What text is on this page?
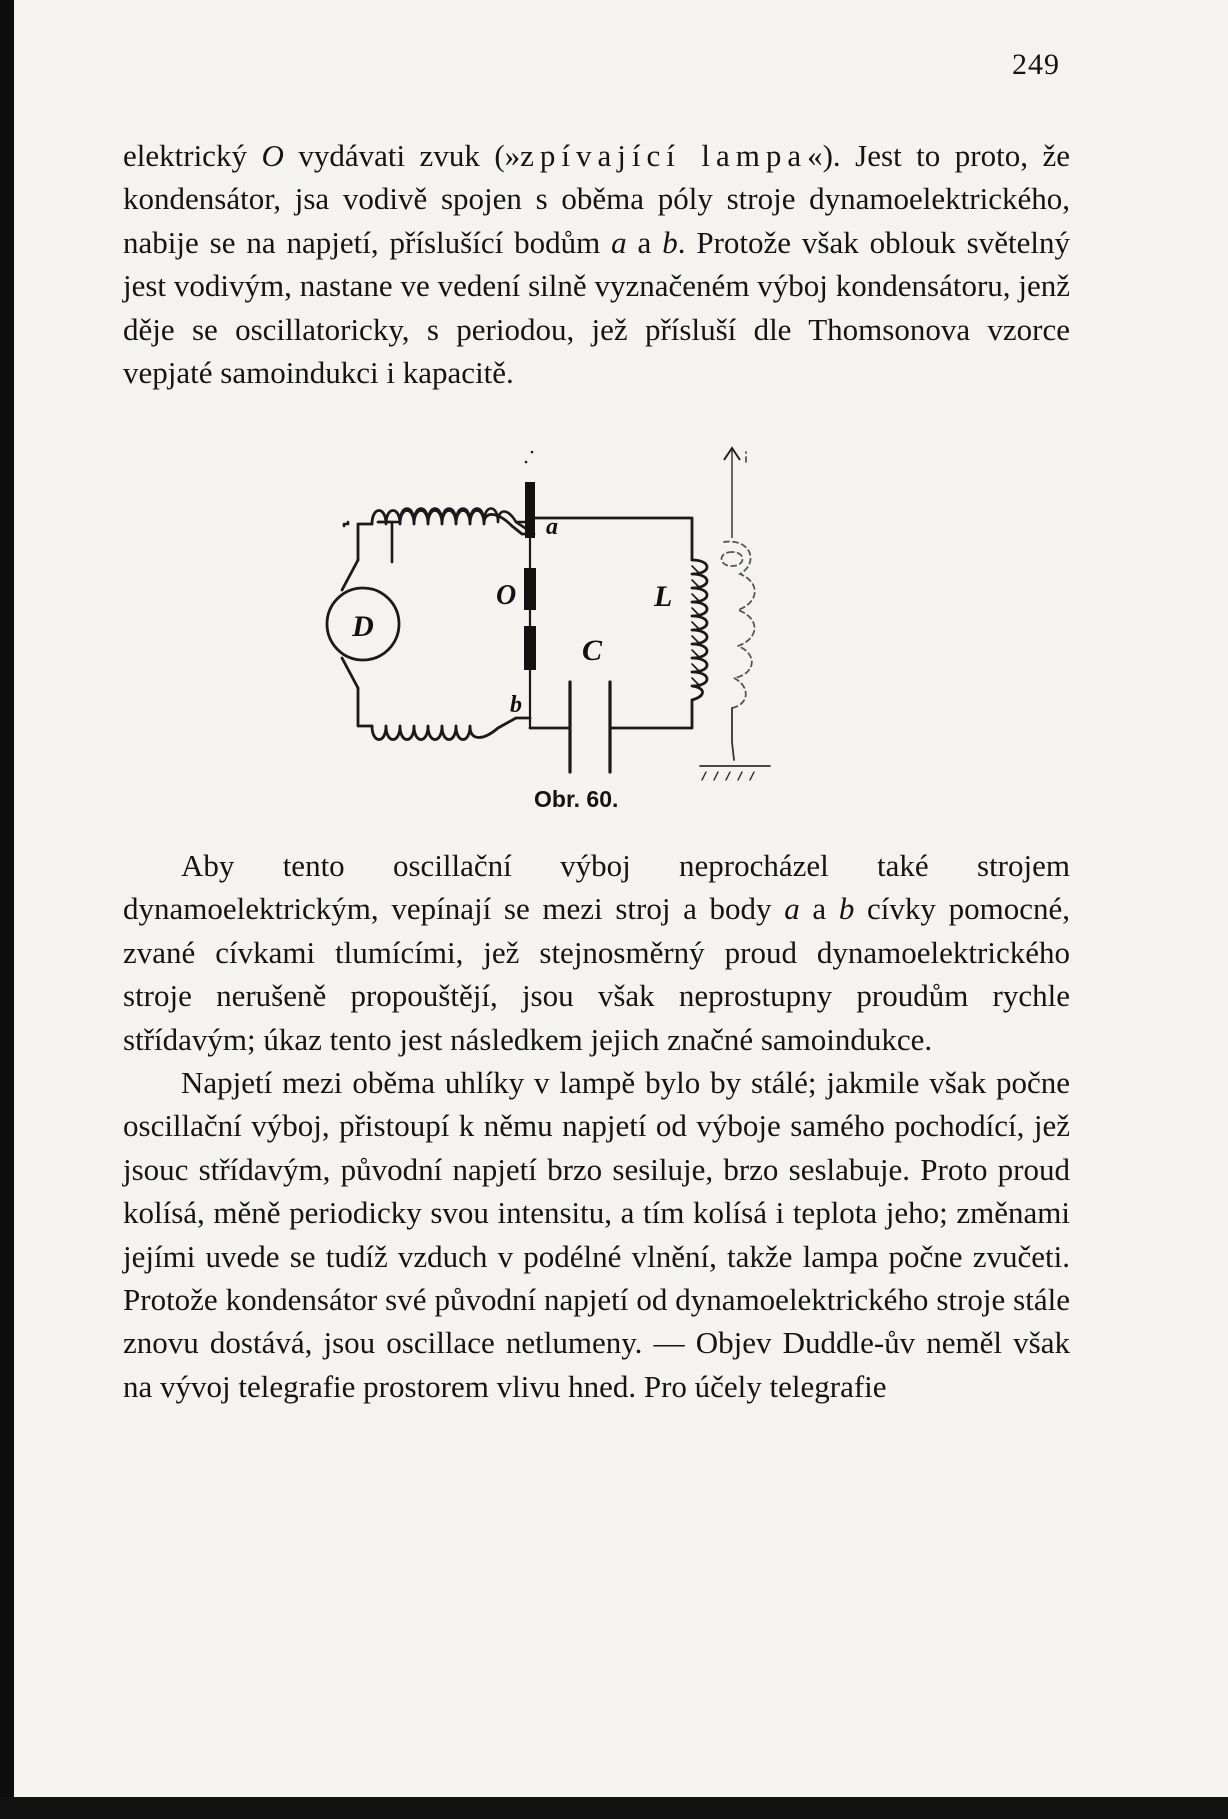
249

elektrický O vydávati zvuk (»zpívající lampa«). Jest to proto, že kondensátor, jsa vodivě spojen s oběma póly stroje dynamoelektrického, nabije se na napjetí, příslušící bodům a a b. Protože však oblouk světelný jest vodivým, nastane ve vedení silně vyznačeném výboj kondensátoru, jenž děje se oscillatoricky, s periodou, jež přísluší dle Thomsonova vzorce vepjaté samoindukci i kapacitě.

D
a
O
b
C
L
Obr. 60.

Aby tento oscillační výboj neprocházel také strojem dynamoelektrickým, vepínají se mezi stroj a body a a b cívky pomocné, zvané cívkami tlumícími, jež stejnosměrný proud dynamoelektrického stroje nerušeně propouštějí, jsou však neprostupny proudům rychle střídavým; úkaz tento jest následkem jejich značné samoindukce.

Napjetí mezi oběma uhlíky v lampě bylo by stálé; jakmile však počne oscillační výboj, přistoupí k němu napjetí od výboje samého pochodící, jež jsouc střídavým, původní napjetí brzo sesiluje, brzo seslabuje. Proto proud kolísá, měně periodicky svou intensitu, a tím kolísá i teplota jeho; změnami jejími uvede se tudíž vzduch v podélné vlnění, takže lampa počne zvučeti. Protože kondensátor své původní napjetí od dynamoelektrického stroje stále znovu dostává, jsou oscillace netlumeny. — Objev Duddle-ův neměl však na vývoj telegrafie prostorem vlivu hned. Pro účely telegrafie
